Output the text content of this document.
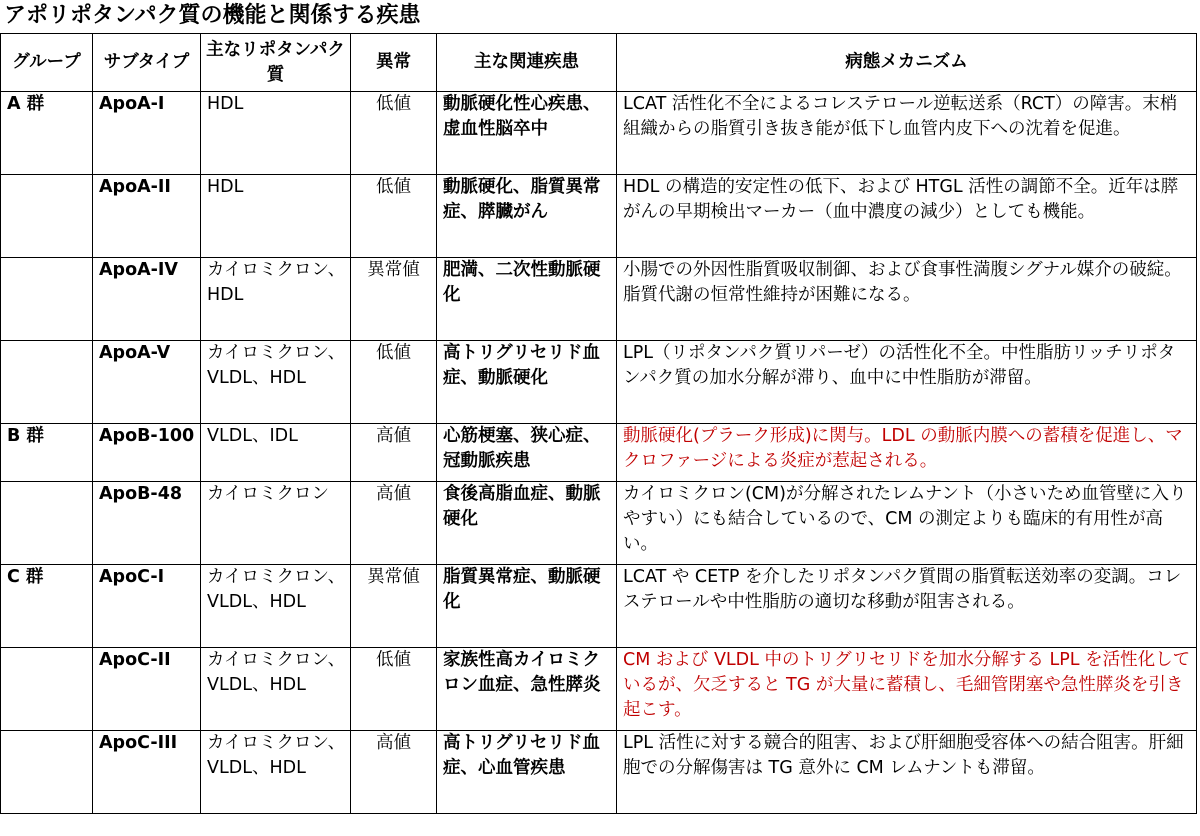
アポリポタンパク質の機能と関係する疾患
グループ	サブタイプ	主なリポタンパク質	異常	主な関連疾患	病態メカニズム
A 群	ApoA-I	HDL	低値	動脈硬化性心疾患、虚血性脳卒中	LCAT 活性化不全によるコレステロール逆転送系（RCT）の障害。末梢組織からの脂質引き抜き能が低下し血管内皮下への沈着を促進。
	ApoA-II	HDL	低値	動脈硬化、脂質異常症、膵臓がん	HDL の構造的安定性の低下、および HTGL 活性の調節不全。近年は膵がんの早期検出マーカー（血中濃度の減少）としても機能。
	ApoA-IV	カイロミクロン、HDL	異常値	肥満、二次性動脈硬化	小腸での外因性脂質吸収制御、および食事性満腹シグナル媒介の破綻。脂質代謝の恒常性維持が困難になる。
	ApoA-V	カイロミクロン、VLDL、HDL	低値	高トリグリセリド血症、動脈硬化	LPL（リポタンパク質リパーゼ）の活性化不全。中性脂肪リッチリポタンパク質の加水分解が滞り、血中に中性脂肪が滞留。
B 群	ApoB-100	VLDL、IDL	高値	心筋梗塞、狭心症、冠動脈疾患	動脈硬化(プラーク形成)に関与。LDL の動脈内膜への蓄積を促進し、マクロファージによる炎症が惹起される。
	ApoB-48	カイロミクロン	高値	食後高脂血症、動脈硬化	カイロミクロン(CM)が分解されたレムナント（小さいため血管壁に入りやすい）にも結合しているので、CM の測定よりも臨床的有用性が高い。
C 群	ApoC-I	カイロミクロン、VLDL、HDL	異常値	脂質異常症、動脈硬化	LCAT や CETP を介したリポタンパク質間の脂質転送効率の変調。コレステロールや中性脂肪の適切な移動が阻害される。
	ApoC-II	カイロミクロン、VLDL、HDL	低値	家族性高カイロミクロン血症、急性膵炎	CM および VLDL 中のトリグリセリドを加水分解する LPL を活性化しているが、欠乏すると TG が大量に蓄積し、毛細管閉塞や急性膵炎を引き起こす。
	ApoC-III	カイロミクロン、VLDL、HDL	高値	高トリグリセリド血症、心血管疾患	LPL 活性に対する競合的阻害、および肝細胞受容体への結合阻害。肝細胞での分解傷害は TG 意外に CM レムナントも滞留。
